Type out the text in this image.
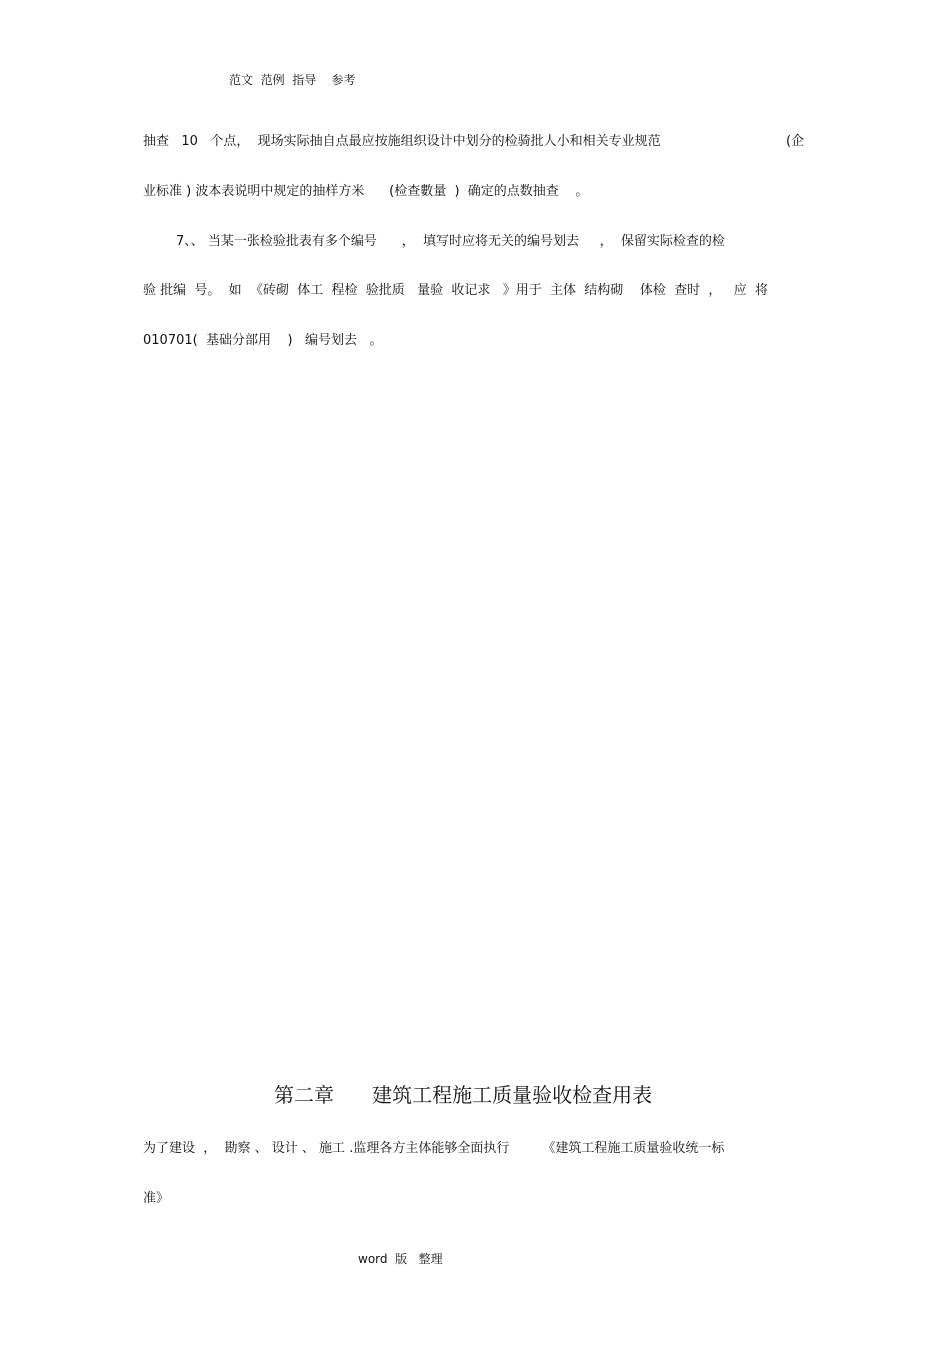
范文  范例  指导    参考
抽查   10   个点，  现场实际抽自点最应按施组织设计中划分的检骑批人小和相关专业规范	(企
业标准 ) 波本表说明中规定的抽样方米      (检查數量  )  确定的点数抽查    。
7、、 当某一张检验批表有多个编号      ，  填写时应将无关的编号划去     ，  保留实际检查的检
验 批编  号。  如  《砖砌  体工  程检  验批质   量验  收记求   》用于  主体  结构砌    体检  查时  ，   应  将
010701(  基础分部用    )   编号划去   。
第二章      建筑工程施工质量验收检查用表
为了建设  ，  勘察 、 设计 、 施工 .监理各方主体能够全面执行        《建筑工程施工质量验收统一标
准》
word  版   整理
